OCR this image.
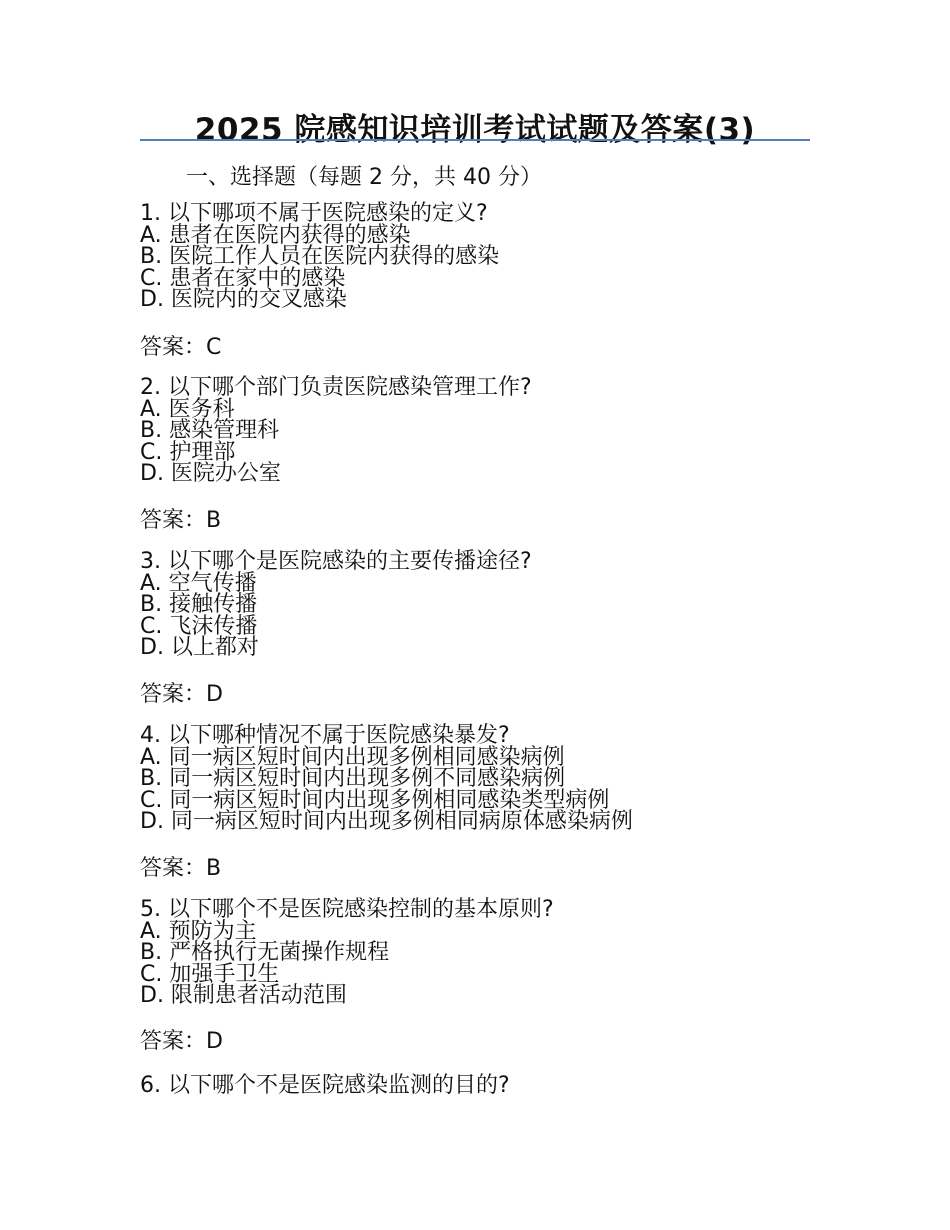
2025 院感知识培训考试试题及答案(3)
一、选择题（每题 2 分，共 40 分）
1. 以下哪项不属于医院感染的定义?
A. 患者在医院内获得的感染
B. 医院工作人员在医院内获得的感染
C. 患者在家中的感染
D. 医院内的交叉感染
答案：C
2. 以下哪个部门负责医院感染管理工作?
A. 医务科
B. 感染管理科
C. 护理部
D. 医院办公室
答案：B
3. 以下哪个是医院感染的主要传播途径?
A. 空气传播
B. 接触传播
C. 飞沫传播
D. 以上都对
答案：D
4. 以下哪种情况不属于医院感染暴发?
A. 同一病区短时间内出现多例相同感染病例
B. 同一病区短时间内出现多例不同感染病例
C. 同一病区短时间内出现多例相同感染类型病例
D. 同一病区短时间内出现多例相同病原体感染病例
答案：B
5. 以下哪个不是医院感染控制的基本原则?
A. 预防为主
B. 严格执行无菌操作规程
C. 加强手卫生
D. 限制患者活动范围
答案：D
6. 以下哪个不是医院感染监测的目的?
